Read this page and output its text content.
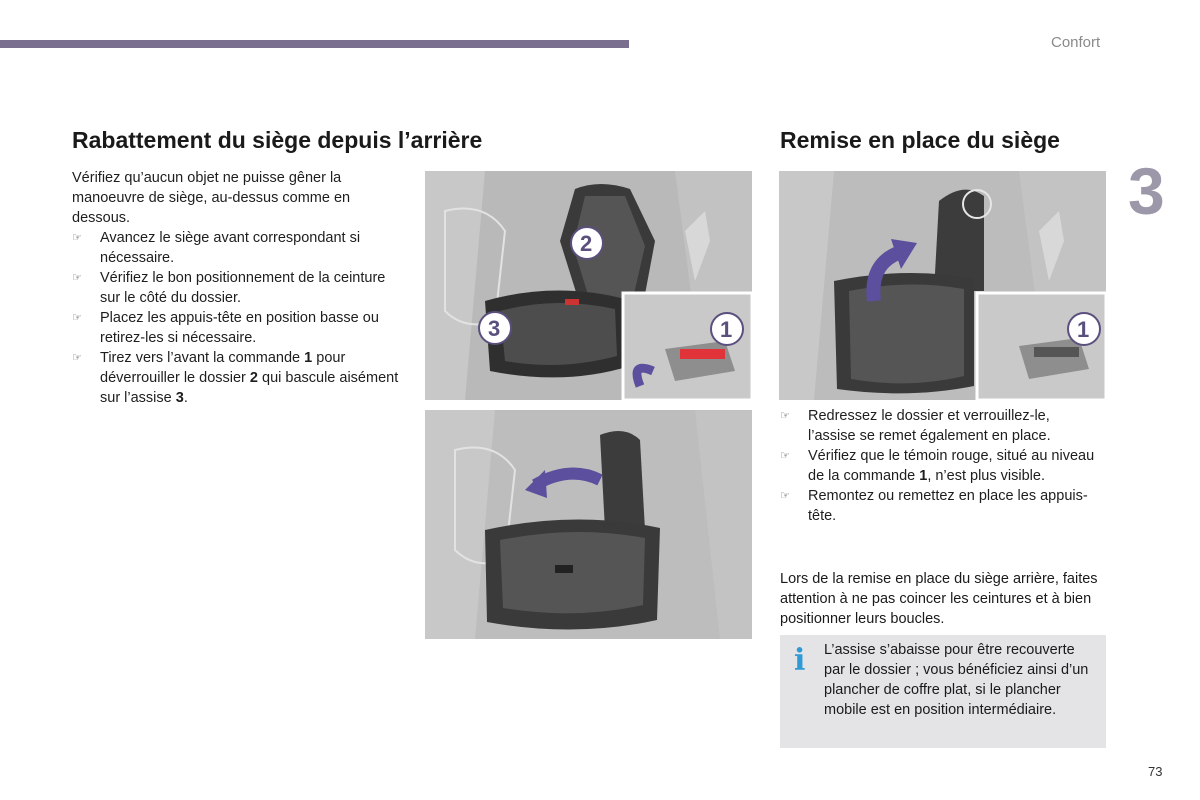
Confort
3
Rabattement du siège depuis l’arrière	Remise en place du siège

Vérifiez qu’aucun objet ne puisse gêner la manoeuvre de siège, au-dessus comme en dessous.

☞ Avancez le siège avant correspondant si nécessaire.
☞ Vérifiez le bon positionnement de la ceinture sur le côté du dossier.
☞ Placez les appuis-tête en position basse ou retirez-les si nécessaire.
☞ Tirez vers l’avant la commande 1 pour déverrouiller le dossier 2 qui bascule aisément sur l’assise 3.
2
3	1	1
☞ Redressez le dossier et verrouillez-le, l’assise se remet également en place.
☞ Vérifiez que le témoin rouge, situé au niveau de la commande 1, n’est plus visible.
☞ Remontez ou remettez en place les appuis-tête.

Lors de la remise en place du siège arrière, faites attention à ne pas coincer les ceintures et à bien positionner leurs boucles.

i L’assise s’abaisse pour être recouverte par le dossier ; vous bénéficiez ainsi d’un plancher de coffre plat, si le plancher mobile est en position intermédiaire.
73
